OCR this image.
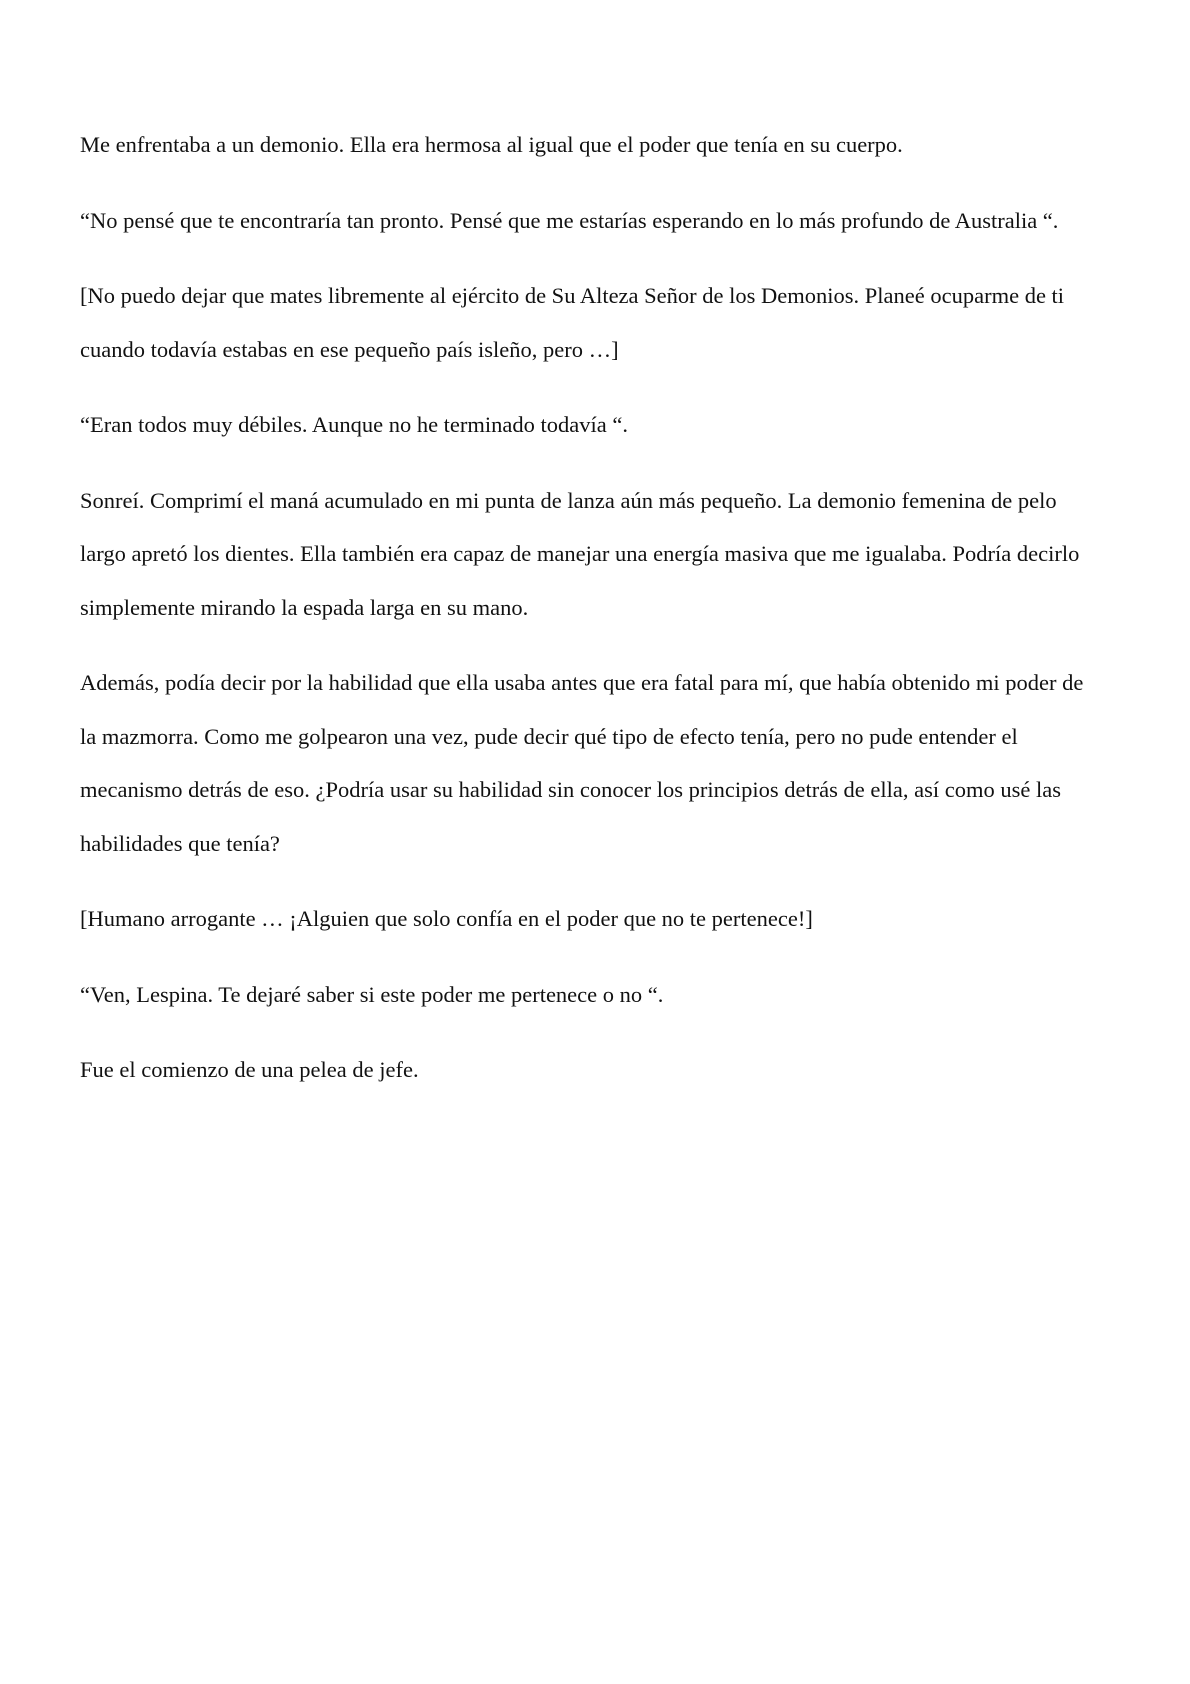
Me enfrentaba a un demonio. Ella era hermosa al igual que el poder que tenía en su cuerpo.

“No pensé que te encontraría tan pronto. Pensé que me estarías esperando en lo más profundo de Australia “.

[No puedo dejar que mates libremente al ejército de Su Alteza Señor de los Demonios. Planeé ocuparme de ti cuando todavía estabas en ese pequeño país isleño, pero …]

“Eran todos muy débiles. Aunque no he terminado todavía “.

Sonreí. Comprimí el maná acumulado en mi punta de lanza aún más pequeño. La demonio femenina de pelo largo apretó los dientes. Ella también era capaz de manejar una energía masiva que me igualaba. Podría decirlo simplemente mirando la espada larga en su mano.

Además, podía decir por la habilidad que ella usaba antes que era fatal para mí, que había obtenido mi poder de la mazmorra. Como me golpearon una vez, pude decir qué tipo de efecto tenía, pero no pude entender el mecanismo detrás de eso. ¿Podría usar su habilidad sin conocer los principios detrás de ella, así como usé las habilidades que tenía?

[Humano arrogante … ¡Alguien que solo confía en el poder que no te pertenece!]

“Ven, Lespina. Te dejaré saber si este poder me pertenece o no “.

Fue el comienzo de una pelea de jefe.
